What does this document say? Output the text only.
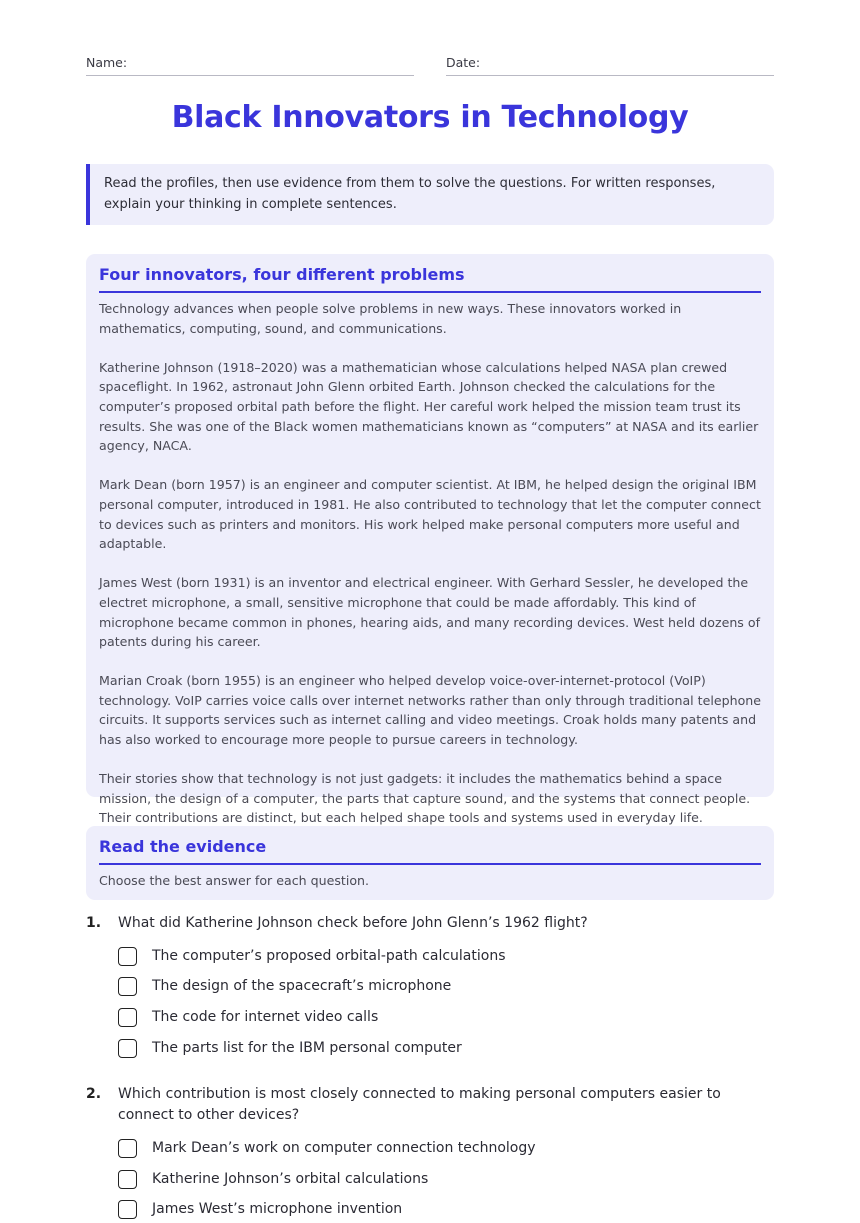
Name:	Date:
Black Innovators in Technology
Read the profiles, then use evidence from them to solve the questions. For written responses, explain your thinking in complete sentences.
Four innovators, four different problems

Technology advances when people solve problems in new ways. These innovators worked in mathematics, computing, sound, and communications.

Katherine Johnson (1918–2020) was a mathematician whose calculations helped NASA plan crewed spaceflight. In 1962, astronaut John Glenn orbited Earth. Johnson checked the calculations for the computer’s proposed orbital path before the flight. Her careful work helped the mission team trust its results. She was one of the Black women mathematicians known as “computers” at NASA and its earlier agency, NACA.

Mark Dean (born 1957) is an engineer and computer scientist. At IBM, he helped design the original IBM personal computer, introduced in 1981. He also contributed to technology that let the computer connect to devices such as printers and monitors. His work helped make personal computers more useful and adaptable.

James West (born 1931) is an inventor and electrical engineer. With Gerhard Sessler, he developed the electret microphone, a small, sensitive microphone that could be made affordably. This kind of microphone became common in phones, hearing aids, and many recording devices. West held dozens of patents during his career.

Marian Croak (born 1955) is an engineer who helped develop voice-over-internet-protocol (VoIP) technology. VoIP carries voice calls over internet networks rather than only through traditional telephone circuits. It supports services such as internet calling and video meetings. Croak holds many patents and has also worked to encourage more people to pursue careers in technology.

Their stories show that technology is not just gadgets: it includes the mathematics behind a space mission, the design of a computer, the parts that capture sound, and the systems that connect people. Their contributions are distinct, but each helped shape tools and systems used in everyday life.

Read the evidence
Choose the best answer for each question.
1. What did Katherine Johnson check before John Glenn’s 1962 flight?
The computer’s proposed orbital-path calculations
The design of the spacecraft’s microphone
The code for internet video calls
The parts list for the IBM personal computer
2. Which contribution is most closely connected to making personal computers easier to connect to other devices?
Mark Dean’s work on computer connection technology
Katherine Johnson’s orbital calculations
James West’s microphone invention
